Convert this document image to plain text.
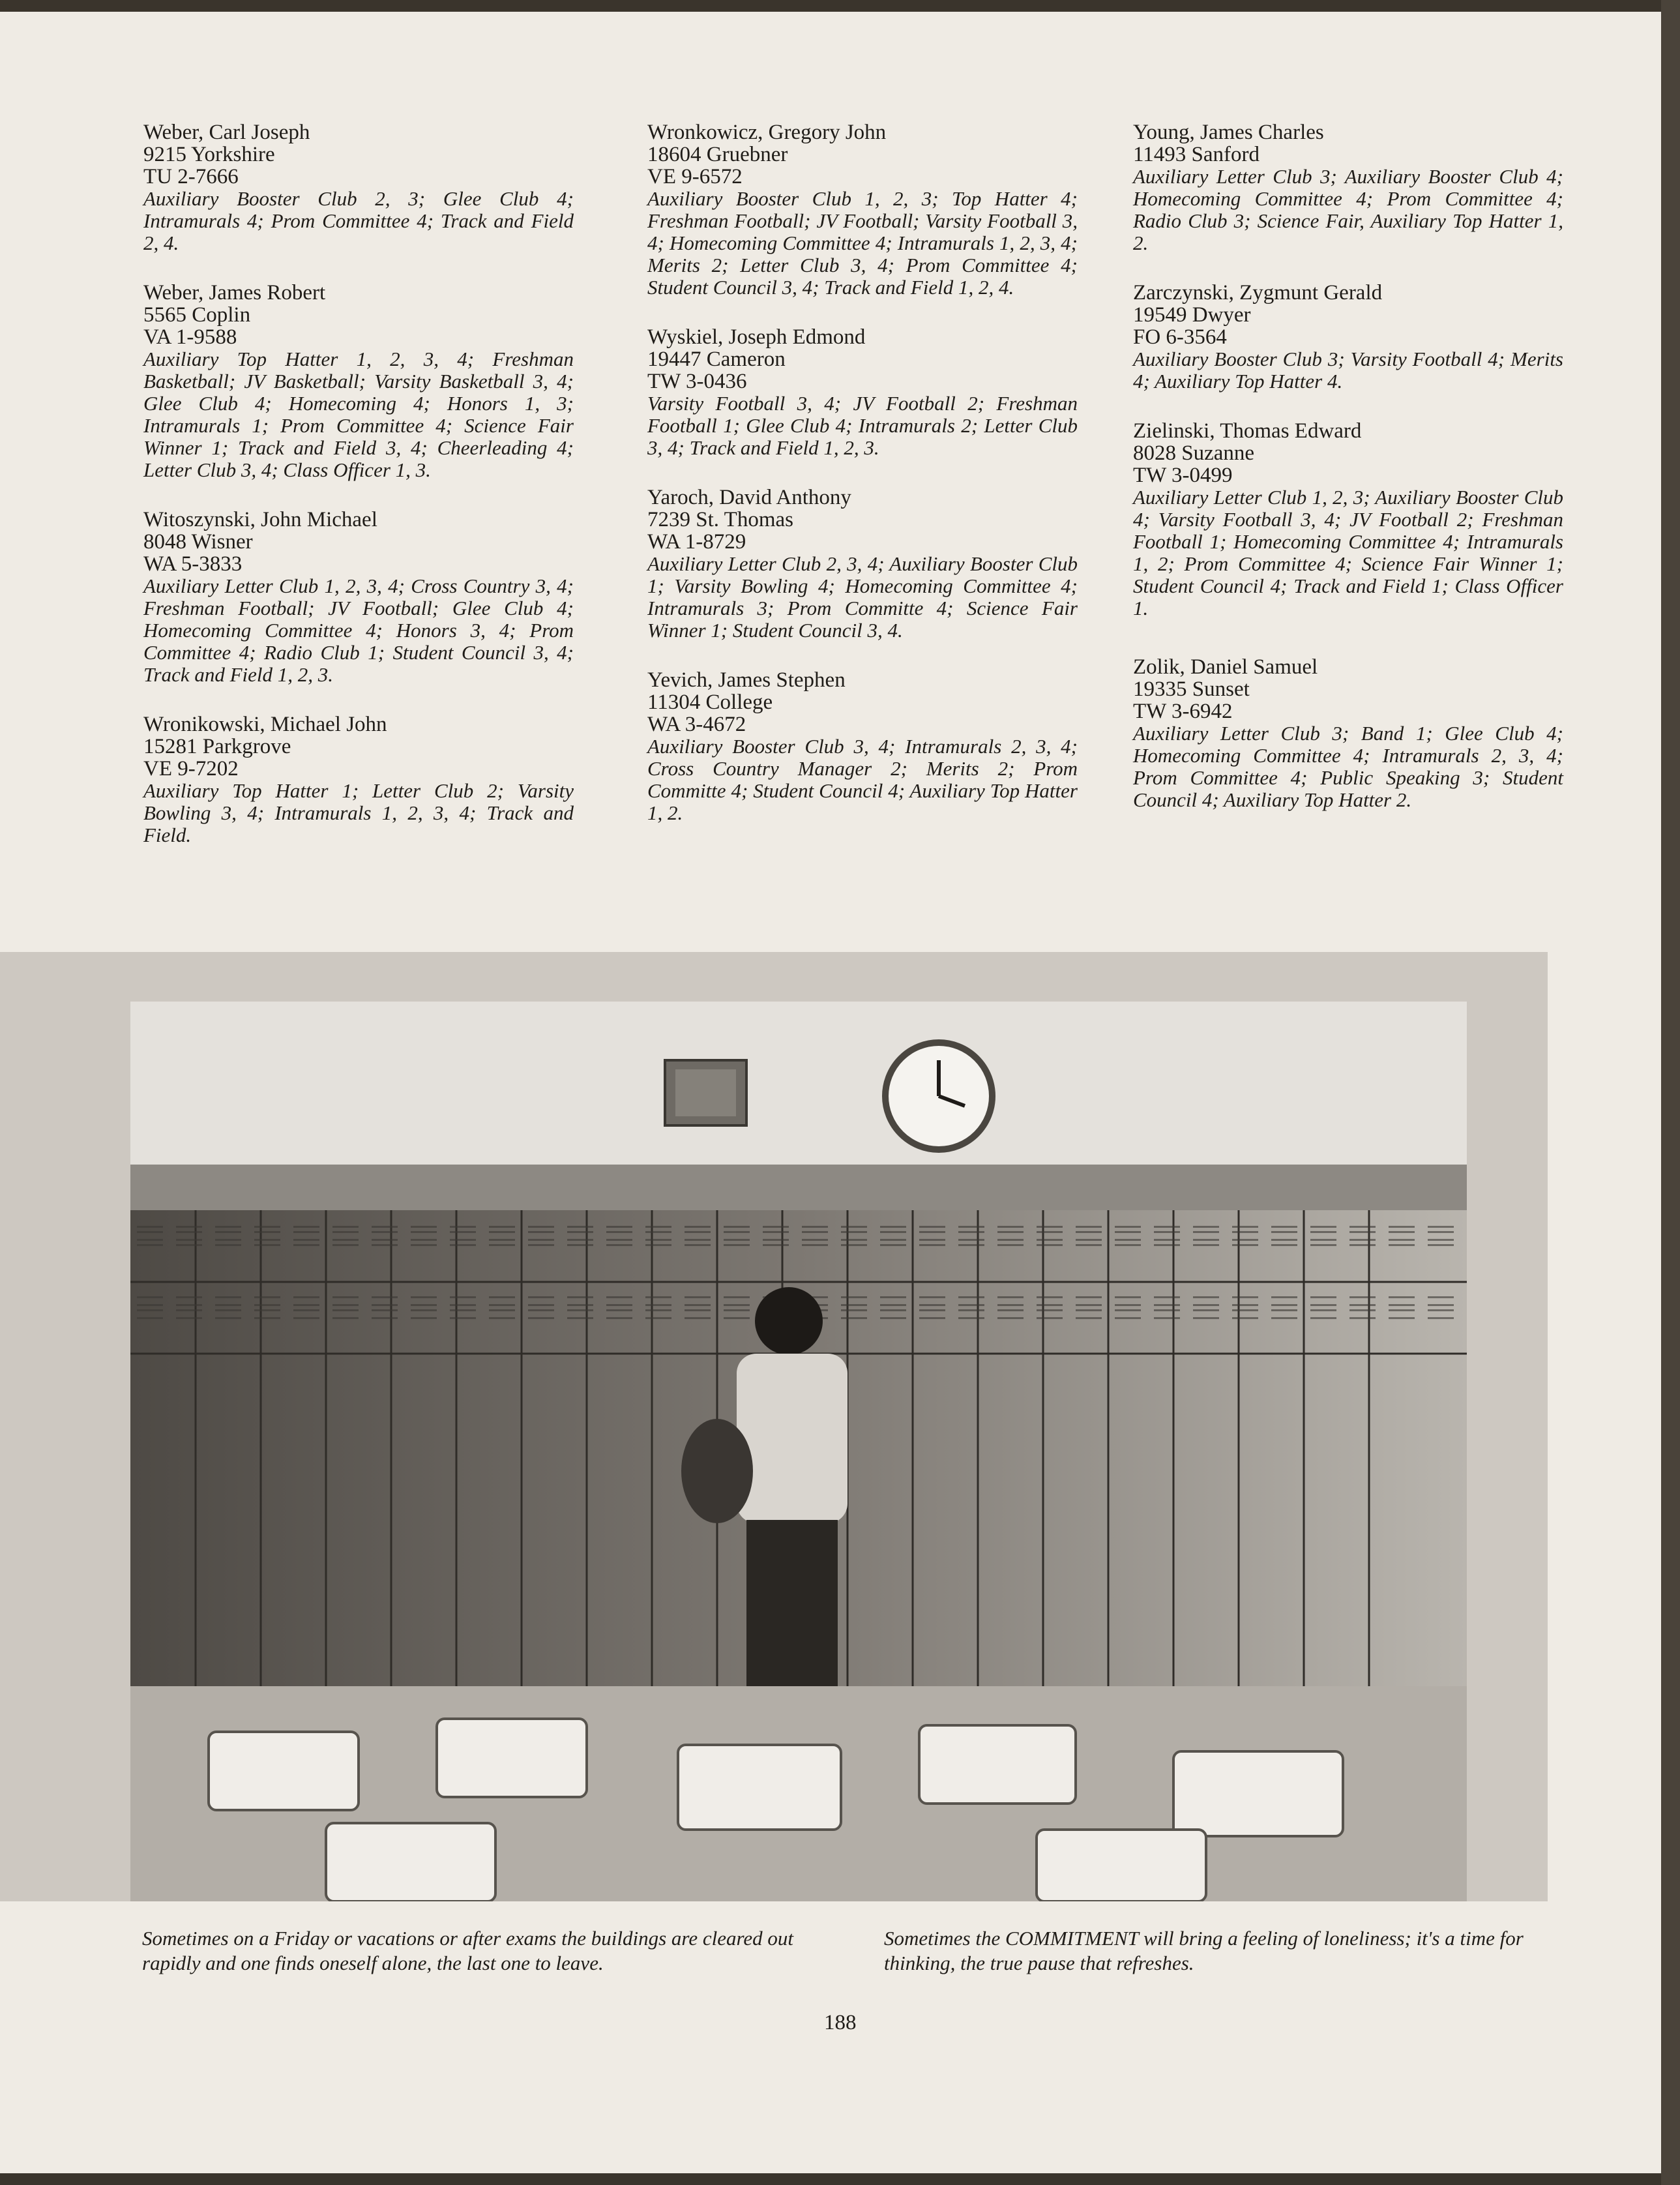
Weber, Carl Joseph
9215 Yorkshire
TU 2-7666
Auxiliary Booster Club 2, 3; Glee Club 4; Intramurals 4; Prom Committee 4; Track and Field 2, 4.
Weber, James Robert
5565 Coplin
VA 1-9588
Auxiliary Top Hatter 1, 2, 3, 4; Freshman Basketball; JV Basketball; Varsity Basketball 3, 4; Glee Club 4; Homecoming 4; Honors 1, 3; Intramurals 1; Prom Committee 4; Science Fair Winner 1; Track and Field 3, 4; Cheerleading 4; Letter Club 3, 4; Class Officer 1, 3.
Witoszynski, John Michael
8048 Wisner
WA 5-3833
Auxiliary Letter Club 1, 2, 3, 4; Cross Country 3, 4; Freshman Football; JV Football; Glee Club 4; Homecoming Committee 4; Honors 3, 4; Prom Committee 4; Radio Club 1; Student Council 3, 4; Track and Field 1, 2, 3.
Wronikowski, Michael John
15281 Parkgrove
VE 9-7202
Auxiliary Top Hatter 1; Letter Club 2; Varsity Bowling 3, 4; Intramurals 1, 2, 3, 4; Track and Field.
Wronkowicz, Gregory John
18604 Gruebner
VE 9-6572
Auxiliary Booster Club 1, 2, 3; Top Hatter 4; Freshman Football; JV Football; Varsity Football 3, 4; Homecoming Committee 4; Intramurals 1, 2, 3, 4; Merits 2; Letter Club 3, 4; Prom Committee 4; Student Council 3, 4; Track and Field 1, 2, 4.
Wyskiel, Joseph Edmond
19447 Cameron
TW 3-0436
Varsity Football 3, 4; JV Football 2; Freshman Football 1; Glee Club 4; Intramurals 2; Letter Club 3, 4; Track and Field 1, 2, 3.
Yaroch, David Anthony
7239 St. Thomas
WA 1-8729
Auxiliary Letter Club 2, 3, 4; Auxiliary Booster Club 1; Varsity Bowling 4; Homecoming Committee 4; Intramurals 3; Prom Committe 4; Science Fair Winner 1; Student Council 3, 4.
Yevich, James Stephen
11304 College
WA 3-4672
Auxiliary Booster Club 3, 4; Intramurals 2, 3, 4; Cross Country Manager 2; Merits 2; Prom Committe 4; Student Council 4; Auxiliary Top Hatter 1, 2.
Young, James Charles
11493 Sanford
Auxiliary Letter Club 3; Auxiliary Booster Club 4; Homecoming Committee 4; Prom Committee 4; Radio Club 3; Science Fair, Auxiliary Top Hatter 1, 2.
Zarczynski, Zygmunt Gerald
19549 Dwyer
FO 6-3564
Auxiliary Booster Club 3; Varsity Football 4; Merits 4; Auxiliary Top Hatter 4.
Zielinski, Thomas Edward
8028 Suzanne
TW 3-0499
Auxiliary Letter Club 1, 2, 3; Auxiliary Booster Club 4; Varsity Football 3, 4; JV Football 2; Freshman Football 1; Homecoming Committee 4; Intramurals 1, 2; Prom Committee 4; Science Fair Winner 1; Student Council 4; Track and Field 1; Class Officer 1.
Zolik, Daniel Samuel
19335 Sunset
TW 3-6942
Auxiliary Letter Club 3; Band 1; Glee Club 4; Homecoming Committee 4; Intramurals 2, 3, 4; Prom Committee 4; Public Speaking 3; Student Council 4; Auxiliary Top Hatter 2.
Sometimes on a Friday or vacations or after exams the buildings are cleared out rapidly and one finds oneself alone, the last one to leave.
Sometimes the COMMITMENT will bring a feeling of loneliness; it's a time for thinking, the true pause that refreshes.
188
